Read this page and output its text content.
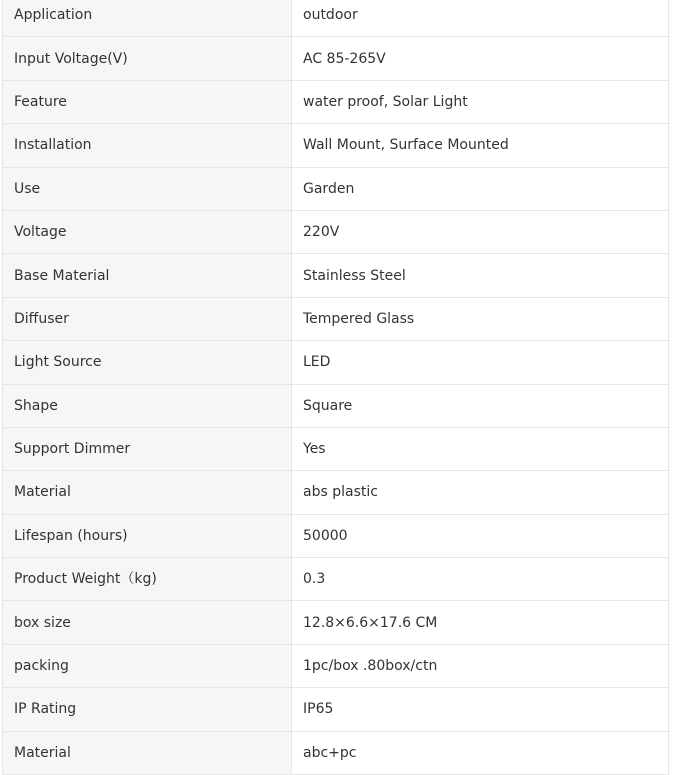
Application	outdoor
Input Voltage(V)	AC 85-265V
Feature	water proof, Solar Light
Installation	Wall Mount, Surface Mounted
Use	Garden
Voltage	220V
Base Material	Stainless Steel
Diffuser	Tempered Glass
Light Source	LED
Shape	Square
Support Dimmer	Yes
Material	abs plastic
Lifespan (hours)	50000
Product Weight（kg)	0.3
box size	12.8×6.6×17.6 CM
packing	1pc/box .80box/ctn
IP Rating	IP65
Material	abc+pc
